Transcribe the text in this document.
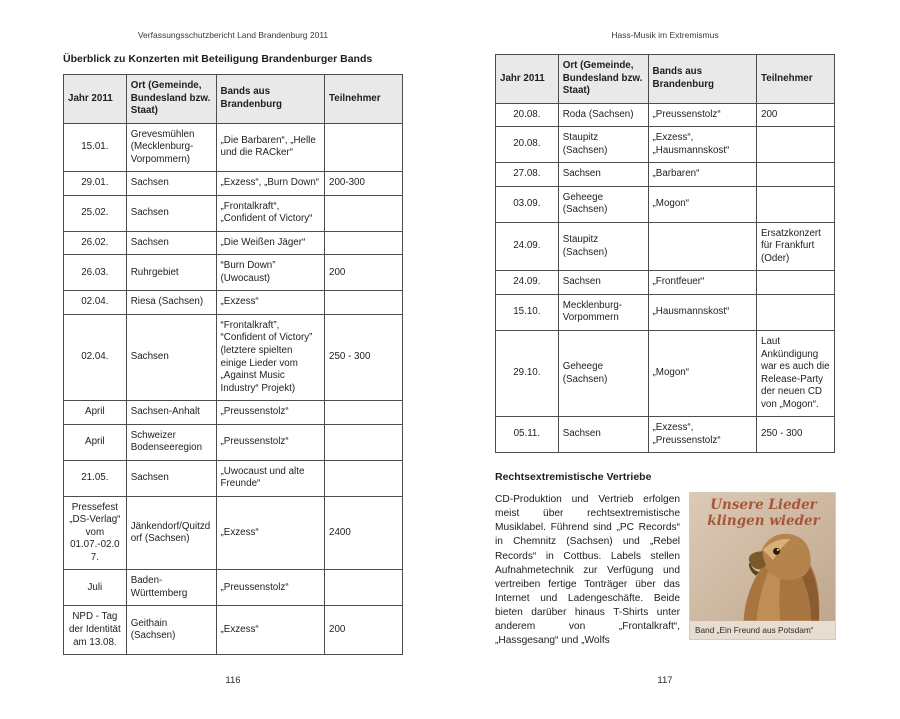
Verfassungsschutzbericht Land Brandenburg 2011
Überblick zu Konzerten mit Beteiligung Brandenburger Bands
Jahr 2011	Ort (Gemeinde, Bundesland bzw. Staat)	Bands aus Brandenburg	Teilnehmer
15.01.	Grevesmühlen (Mecklenburg-Vorpommern)	„Die Barbaren“, „Helle und die RACker“	
29.01.	Sachsen	„Exzess“, „Burn Down“	200-300
25.02.	Sachsen	„Frontalkraft“, „Confident of Victory“	
26.02.	Sachsen	„Die Weißen Jäger“	
26.03.	Ruhrgebiet	“Burn Down” (Uwocaust)	200
02.04.	Riesa (Sachsen)	„Exzess“	
02.04.	Sachsen	“Frontalkraft”, “Confident of Victory” (letztere spielten einige Lieder vom „Against Music Industry“ Projekt)	250 - 300
April	Sachsen-Anhalt	„Preussenstolz“	
April	Schweizer Bodenseeregion	„Preussenstolz“	
21.05.	Sachsen	„Uwocaust und alte Freunde“	
Pressefest „DS-Verlag“ vom 01.07.-02.07.	Jänkendorf/Quitzdorf (Sachsen)	„Exzess“	2400
Juli	Baden-Württemberg	„Preussenstolz“	
NPD - Tag der Identität am 13.08.	Geithain (Sachsen)	„Exzess“	200
116
Hass-Musik im Extremismus
Jahr 2011	Ort (Gemeinde, Bundesland bzw. Staat)	Bands aus Brandenburg	Teilnehmer
20.08.	Roda (Sachsen)	„Preussenstolz“	200
20.08.	Staupitz (Sachsen)	„Exzess“, „Hausmannskost“	
27.08.	Sachsen	„Barbaren“	
03.09.	Geheege (Sachsen)	„Mogon“	
24.09.	Staupitz (Sachsen)		Ersatzkonzert für Frankfurt (Oder)
24.09.	Sachsen	„Frontfeuer“	
15.10.	Mecklenburg-Vorpommern	„Hausmannskost“	
29.10.	Geheege (Sachsen)	„Mogon“	Laut Ankündigung war es auch die Release-Party der neuen CD von „Mogon“.
05.11.	Sachsen	„Exzess“, „Preussenstolz“	250 - 300
Rechtsextremistische Vertriebe
CD-Produktion und Vertrieb erfolgen meist über rechtsextremistische Musiklabel. Führend sind „PC Records“ in Chemnitz (Sachsen) und „Rebel Records“ in Cottbus. Labels stellen Aufnahmetechnik zur Verfügung und vertreiben fertige Tonträger über das Internet und Ladengeschäfte. Beide bieten darüber hinaus T-Shirts unter anderem von „Frontalkraft“, „Hassgesang“ und „Wolfs
Unsere Lieder klingen wieder
Band „Ein Freund aus Potsdam“
117
